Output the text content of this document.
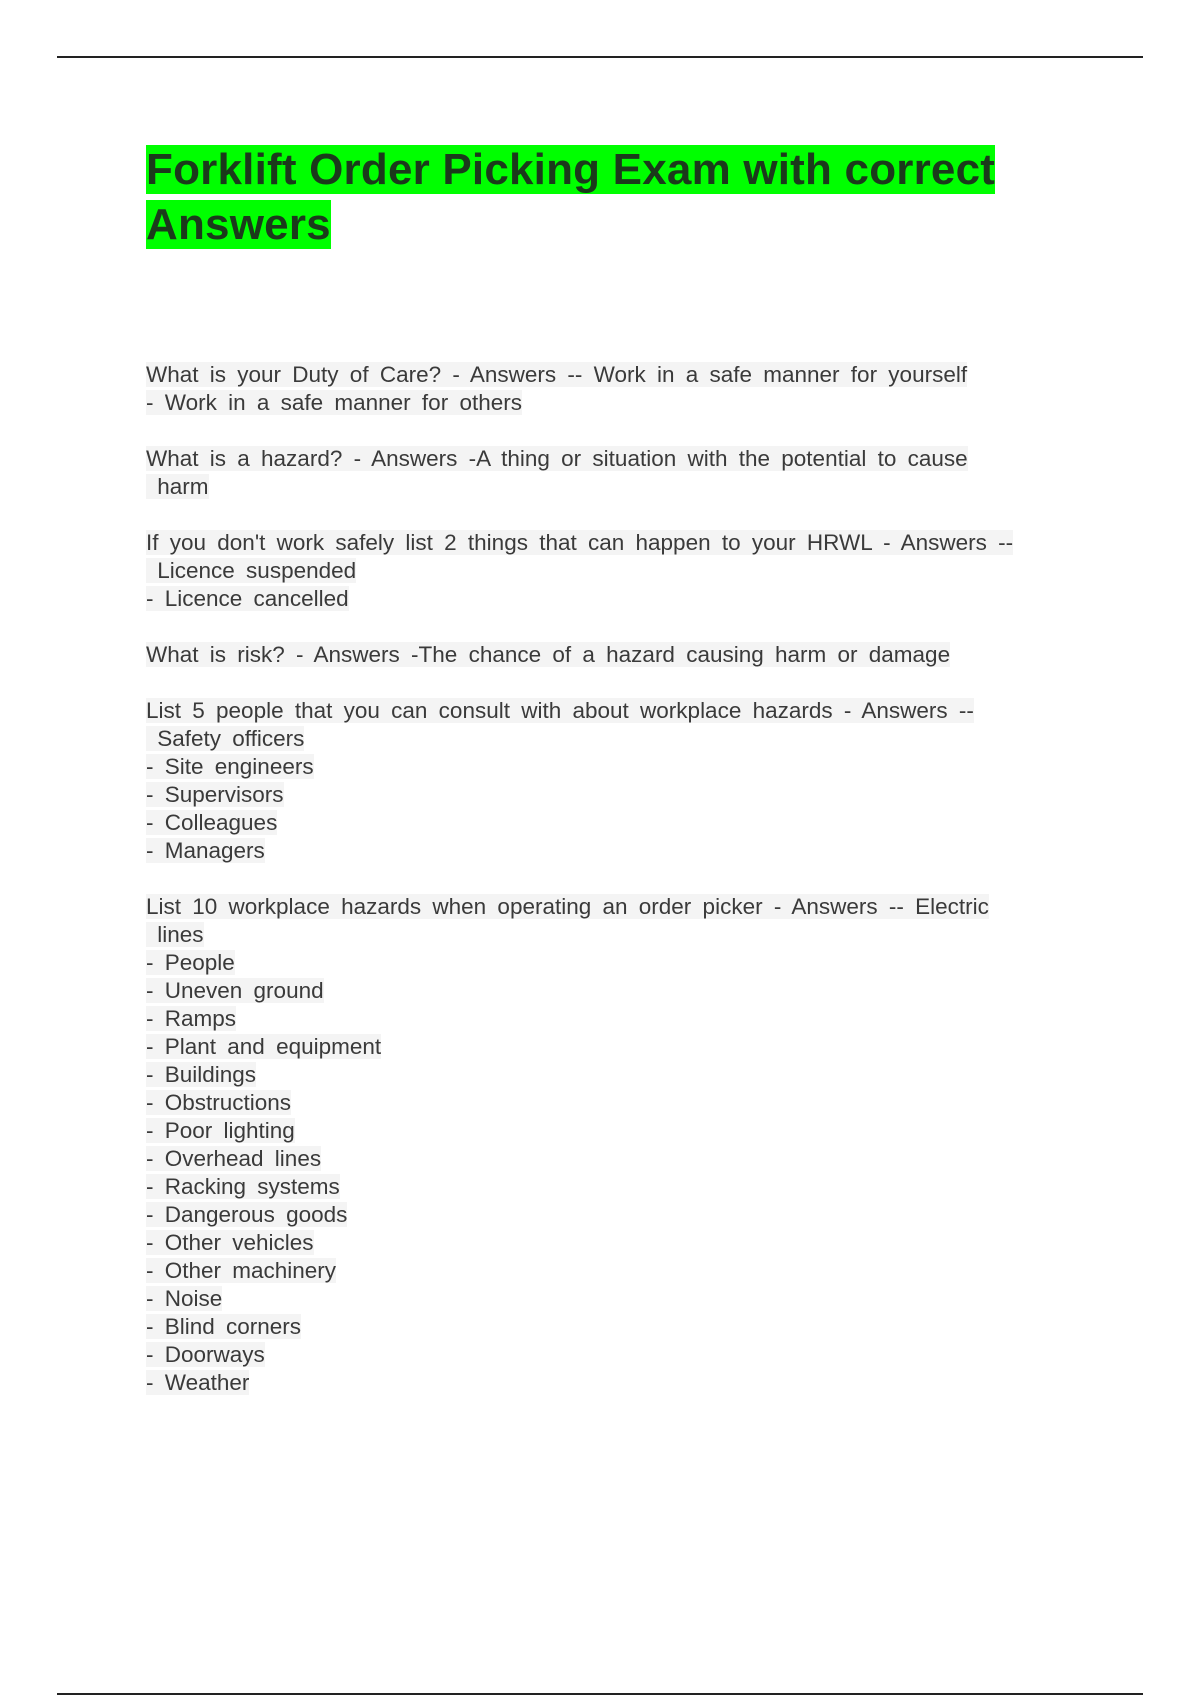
Forklift Order Picking Exam with correct
Answers
What is your Duty of Care? - Answers -- Work in a safe manner for yourself
- Work in a safe manner for others
What is a hazard? - Answers -A thing or situation with the potential to cause
harm
If you don't work safely list 2 things that can happen to your HRWL - Answers --
Licence suspended
- Licence cancelled
What is risk? - Answers -The chance of a hazard causing harm or damage
List 5 people that you can consult with about workplace hazards - Answers --
Safety officers
- Site engineers
- Supervisors
- Colleagues
- Managers
List 10 workplace hazards when operating an order picker - Answers -- Electric
lines
- People
- Uneven ground
- Ramps
- Plant and equipment
- Buildings
- Obstructions
- Poor lighting
- Overhead lines
- Racking systems
- Dangerous goods
- Other vehicles
- Other machinery
- Noise
- Blind corners
- Doorways
- Weather
